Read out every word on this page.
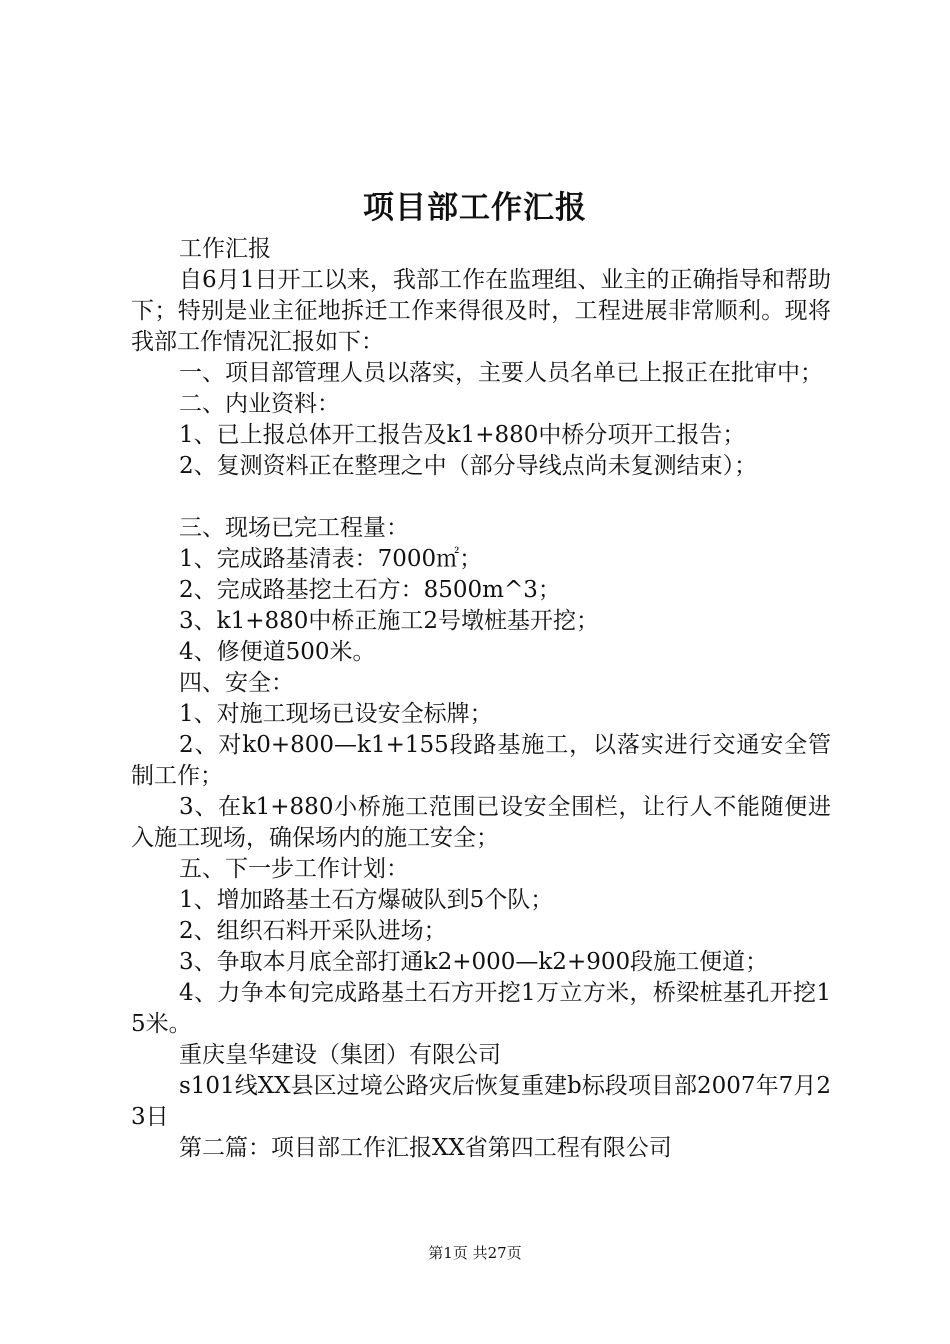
项目部工作汇报

工作汇报

自6月1日开工以来，我部工作在监理组、业主的正确指导和帮助下；特别是业主征地拆迁工作来得很及时，工程进展非常顺利。现将我部工作情况汇报如下：

一、项目部管理人员以落实，主要人员名单已上报正在批审中；

二、内业资料：

1、已上报总体开工报告及k1+880中桥分项开工报告；

2、复测资料正在整理之中（部分导线点尚未复测结束）；

三、现场已完工程量：

1、完成路基清表：7000㎡；

2、完成路基挖土石方：8500m^3；

3、k1+880中桥正施工2号墩桩基开挖；

4、修便道500米。

四、安全：

1、对施工现场已设安全标牌；

2、对k0+800—k1+155段路基施工，以落实进行交通安全管制工作；

3、在k1+880小桥施工范围已设安全围栏，让行人不能随便进入施工现场，确保场内的施工安全；

五、下一步工作计划：

1、增加路基土石方爆破队到5个队；

2、组织石料开采队进场；

3、争取本月底全部打通k2+000—k2+900段施工便道；

4、力争本旬完成路基土石方开挖1万立方米，桥梁桩基孔开挖15米。

重庆皇华建设（集团）有限公司

s101线XX县区过境公路灾后恢复重建b标段项目部2007年7月23日

第二篇：项目部工作汇报XX省第四工程有限公司

第1页 共27页
